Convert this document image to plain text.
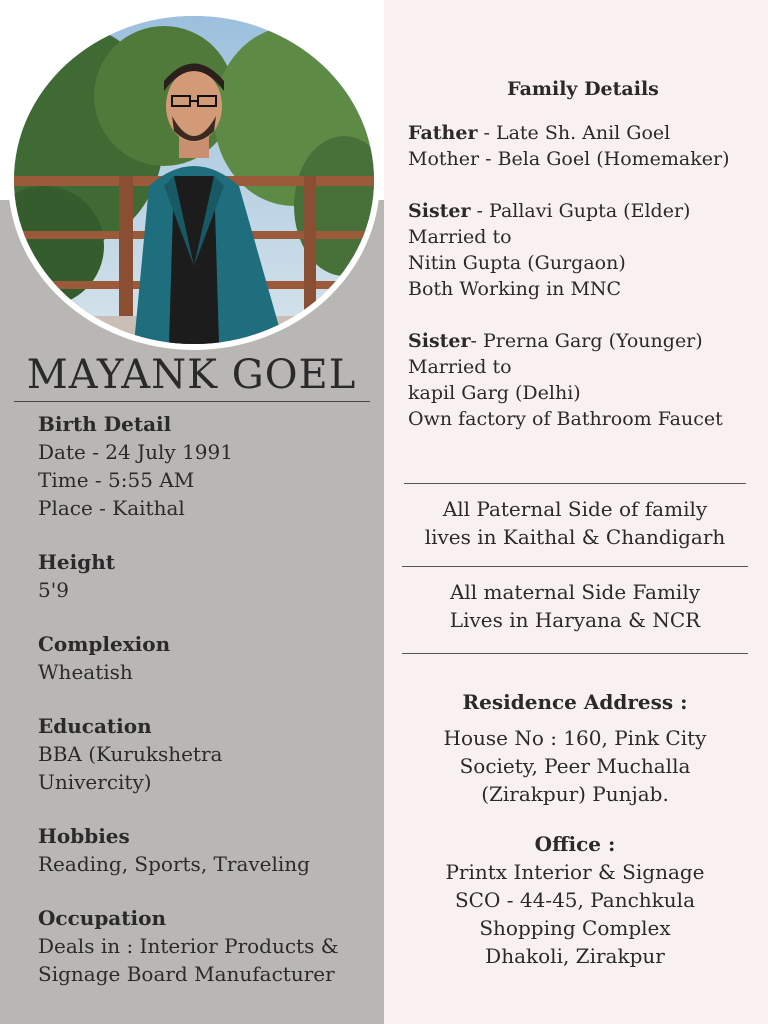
MAYANK GOEL
Birth Detail
Date - 24 July 1991
Time - 5:55 AM
Place - Kaithal
Height
5'9
Complexion
Wheatish
Education
BBA (Kurukshetra
Univercity)
Hobbies
Reading, Sports, Traveling
Occupation
Deals in : Interior Products &
Signage Board Manufacturer
Family Details
Father - Late Sh. Anil Goel
Mother - Bela Goel (Homemaker)
Sister - Pallavi Gupta (Elder)
Married to
Nitin Gupta (Gurgaon)
Both Working in MNC
Sister- Prerna Garg (Younger)
Married to
kapil Garg (Delhi)
Own factory of Bathroom Faucet
All Paternal Side of family
lives in Kaithal & Chandigarh
All maternal Side Family
Lives in Haryana & NCR
Residence Address :
House No : 160, Pink City
Society, Peer Muchalla
(Zirakpur) Punjab.
Office :
Printx Interior & Signage
SCO - 44-45, Panchkula
Shopping Complex
Dhakoli, Zirakpur
